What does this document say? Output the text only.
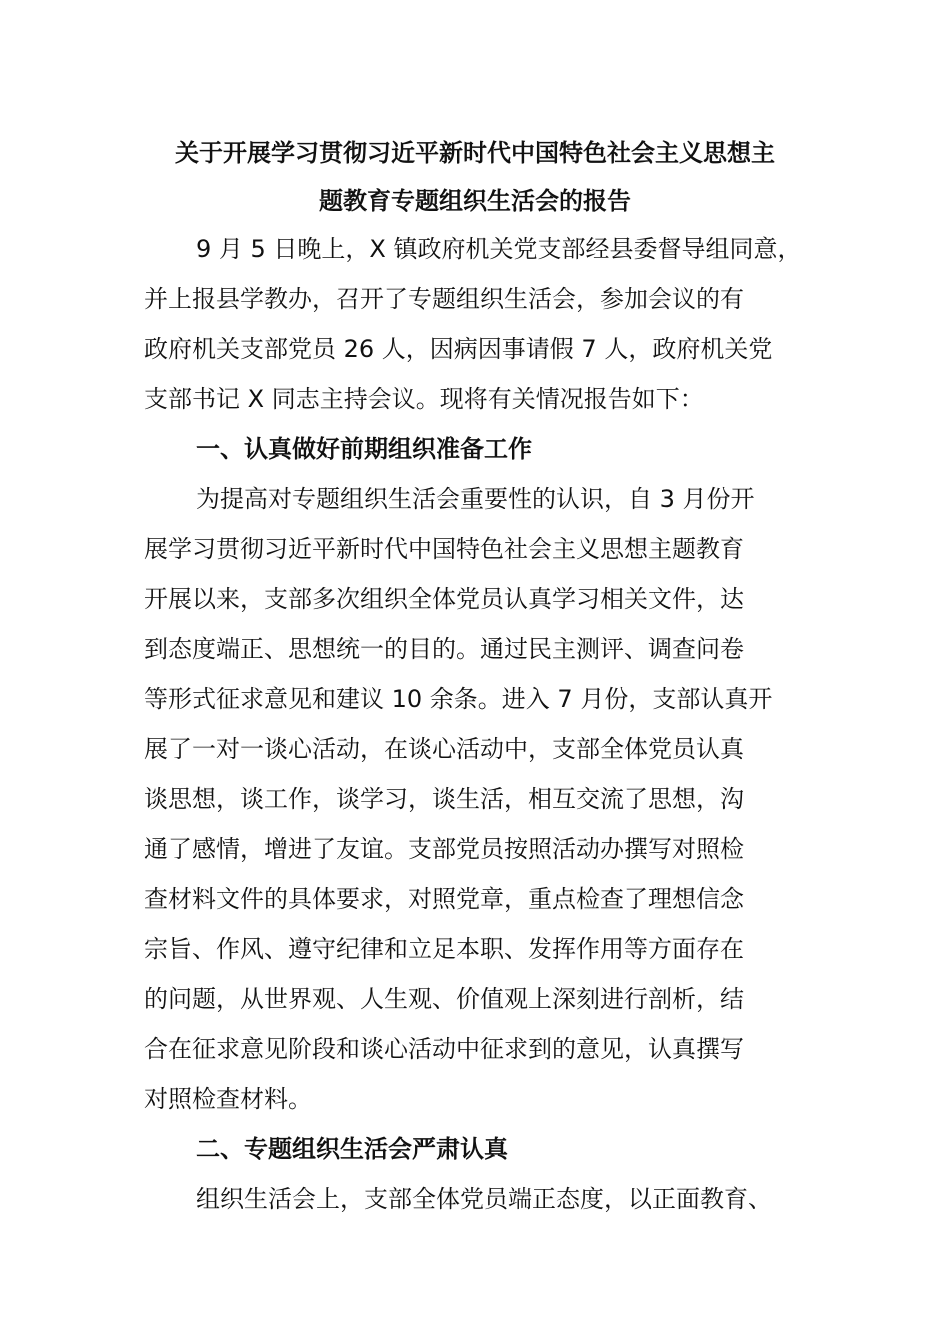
关于开展学习贯彻习近平新时代中国特色社会主义思想主
题教育专题组织生活会的报告

9 月 5 日晚上，X 镇政府机关党支部经县委督导组同意，

并上报县学教办，召开了专题组织生活会，参加会议的有

政府机关支部党员 26 人，因病因事请假 7 人，政府机关党

支部书记 X 同志主持会议。现将有关情况报告如下：

一、认真做好前期组织准备工作

为提高对专题组织生活会重要性的认识，自 3 月份开

展学习贯彻习近平新时代中国特色社会主义思想主题教育

开展以来，支部多次组织全体党员认真学习相关文件，达

到态度端正、思想统一的目的。通过民主测评、调查问卷

等形式征求意见和建议 10 余条。进入 7 月份，支部认真开

展了一对一谈心活动，在谈心活动中，支部全体党员认真

谈思想，谈工作，谈学习，谈生活，相互交流了思想，沟

通了感情，增进了友谊。支部党员按照活动办撰写对照检

查材料文件的具体要求，对照党章，重点检查了理想信念

宗旨、作风、遵守纪律和立足本职、发挥作用等方面存在

的问题，从世界观、人生观、价值观上深刻进行剖析，结

合在征求意见阶段和谈心活动中征求到的意见，认真撰写

对照检查材料。

二、专题组织生活会严肃认真

组织生活会上，支部全体党员端正态度，以正面教育、
